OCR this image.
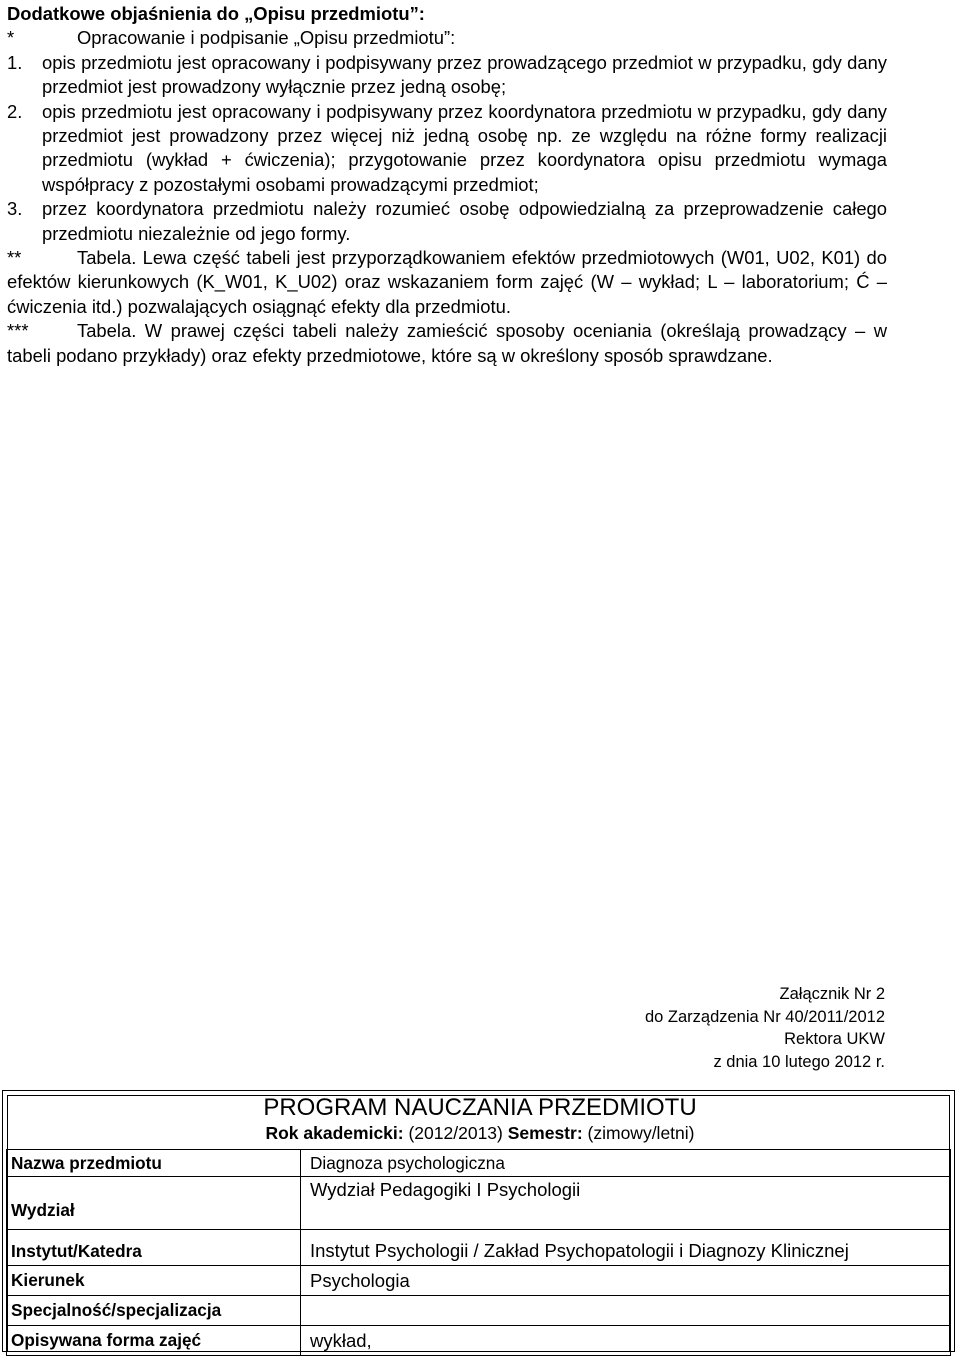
Dodatkowe objaśnienia do „Opisu przedmiotu”:

*	Opracowanie i podpisanie „Opisu przedmiotu”:

1. opis przedmiotu jest opracowany i podpisywany przez prowadzącego przedmiot w przypadku, gdy dany przedmiot jest prowadzony wyłącznie przez jedną osobę;

2. opis przedmiotu jest opracowany i podpisywany przez koordynatora przedmiotu w przypadku, gdy dany przedmiot jest prowadzony przez więcej niż jedną osobę np. ze względu na różne formy realizacji przedmiotu (wykład + ćwiczenia); przygotowanie przez koordynatora opisu przedmiotu wymaga współpracy z pozostałymi osobami prowadzącymi przedmiot;

3. przez koordynatora przedmiotu należy rozumieć osobę odpowiedzialną za przeprowadzenie całego przedmiotu niezależnie od jego formy.

**	Tabela. Lewa część tabeli jest przyporządkowaniem efektów przedmiotowych (W01, U02, K01) do efektów kierunkowych (K_W01, K_U02) oraz wskazaniem form zajęć (W – wykład; L – laboratorium; Ć – ćwiczenia itd.) pozwalających osiągnąć efekty dla przedmiotu.

***	Tabela. W prawej części tabeli należy zamieścić sposoby oceniania (określają prowadzący – w tabeli podano przykłady) oraz efekty przedmiotowe, które są w określony sposób sprawdzane.

Załącznik Nr 2
do Zarządzenia Nr 40/2011/2012
Rektora UKW
z dnia 10 lutego 2012 r.
PROGRAM NAUCZANIA PRZEDMIOTU
Rok akademicki: (2012/2013) Semestr: (zimowy/letni)
Nazwa przedmiotu	Diagnoza psychologiczna
Wydział	Wydział Pedagogiki I Psychologii
Instytut/Katedra	Instytut Psychologii / Zakład Psychopatologii i Diagnozy Klinicznej
Kierunek	Psychologia
Specjalność/specjalizacja	
Opisywana forma zajęć	wykład,
